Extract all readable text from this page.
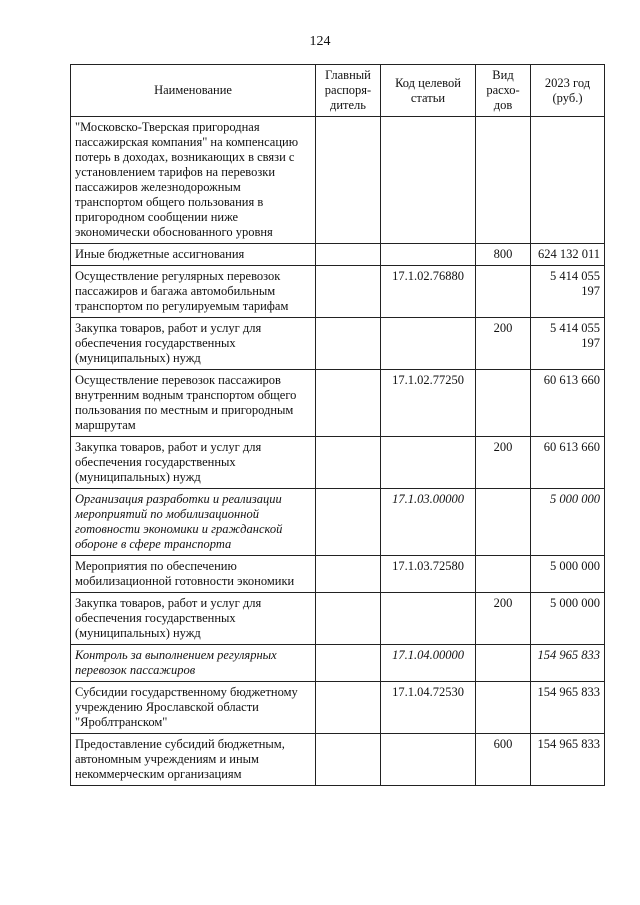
124
Наименование	Главный распоря-дитель	Код целевой статьи	Вид расхо-дов	2023 год (руб.)
"Московско-Тверская пригородная пассажирская компания" на компенсацию потерь в доходах, возникающих в связи с установлением тарифов на перевозки пассажиров железнодорожным транспортом общего пользования в пригородном сообщении ниже экономически обоснованного уровня				
Иные бюджетные ассигнования			800	624 132 011
Осуществление регулярных перевозок пассажиров и багажа автомобильным транспортом по регулируемым тарифам		17.1.02.76880		5 414 055 197
Закупка товаров, работ и услуг для обеспечения государственных (муниципальных) нужд			200	5 414 055 197
Осуществление перевозок пассажиров внутренним водным транспортом общего пользования по местным и пригородным маршрутам		17.1.02.77250		60 613 660
Закупка товаров, работ и услуг для обеспечения государственных (муниципальных) нужд			200	60 613 660
Организация разработки и реализации мероприятий по мобилизационной готовности экономики и гражданской обороне в сфере транспорта		17.1.03.00000		5 000 000
Мероприятия по обеспечению мобилизационной готовности экономики		17.1.03.72580		5 000 000
Закупка товаров, работ и услуг для обеспечения государственных (муниципальных) нужд			200	5 000 000
Контроль за выполнением регулярных перевозок пассажиров		17.1.04.00000		154 965 833
Субсидии государственному бюджетному учреждению Ярославской области "Яроблтранском"		17.1.04.72530		154 965 833
Предоставление субсидий бюджетным, автономным учреждениям и иным некоммерческим организациям			600	154 965 833
